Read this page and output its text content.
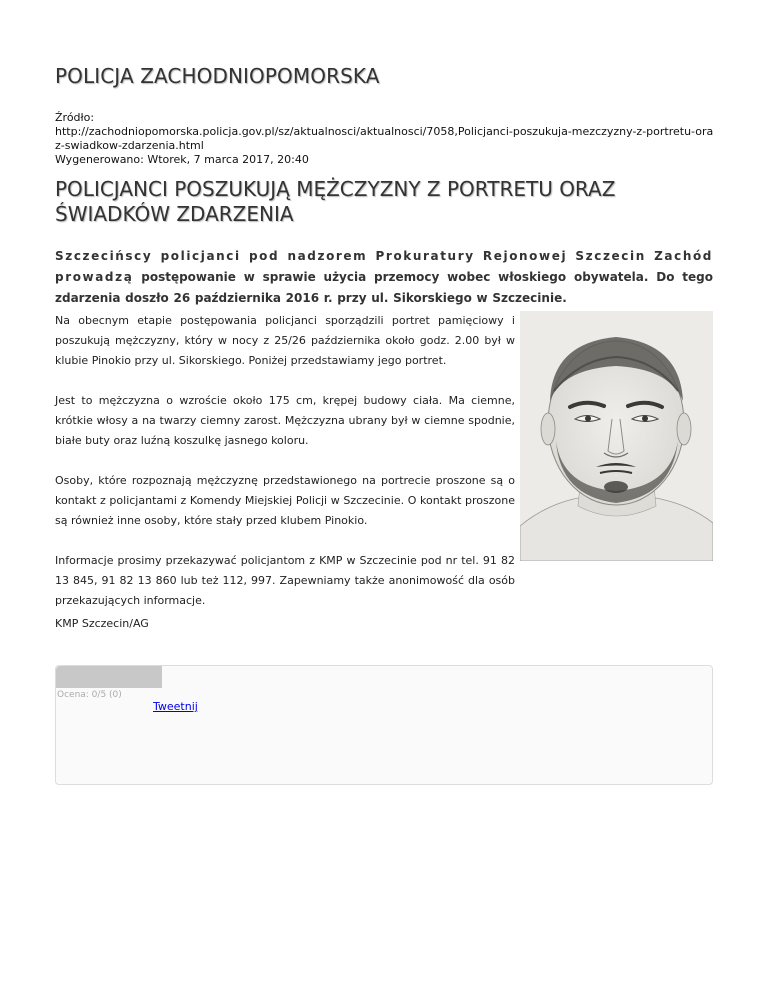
POLICJA ZACHODNIOPOMORSKA
Źródło:
http://zachodniopomorska.policja.gov.pl/sz/aktualnosci/aktualnosci/7058,Policjanci-poszukuja-mezczyzny-z-portretu-oraz-swiadkow-zdarzenia.html
Wygenerowano: Wtorek, 7 marca 2017, 20:40
POLICJANCI POSZUKUJĄ MĘŻCZYZNY Z PORTRETU ORAZ ŚWIADKÓW ZDARZENIA

Szczecińscy policjanci pod nadzorem Prokuratury Rejonowej Szczecin Zachód prowadzą postępowanie w sprawie użycia przemocy wobec włoskiego obywatela. Do tego zdarzenia doszło 26 października 2016 r. przy ul. Sikorskiego w Szczecinie.

Na obecnym etapie postępowania policjanci sporządzili portret pamięciowy i poszukują mężczyzny, który w nocy z 25/26 października około godz. 2.00 był w klubie Pinokio przy ul. Sikorskiego. Poniżej przedstawiamy jego portret.

Jest to mężczyzna o wzroście około 175 cm, krępej budowy ciała. Ma ciemne, krótkie włosy a na twarzy ciemny zarost. Mężczyzna ubrany był w ciemne spodnie, białe buty oraz luźną koszulkę jasnego koloru.

Osoby, które rozpoznają mężczyznę przedstawionego na portrecie proszone są o kontakt z policjantami z Komendy Miejskiej Policji w Szczecinie. O kontakt proszone są również inne osoby, które stały przed klubem Pinokio.

Informacje prosimy przekazywać policjantom z KMP w Szczecinie pod nr tel. 91 82 13 845, 91 82 13 860 lub też 112, 997. Zapewniamy także anonimowość dla osób przekazujących informacje.

KMP Szczecin/AG

Ocena: 0/5 (0)
Tweetnij
